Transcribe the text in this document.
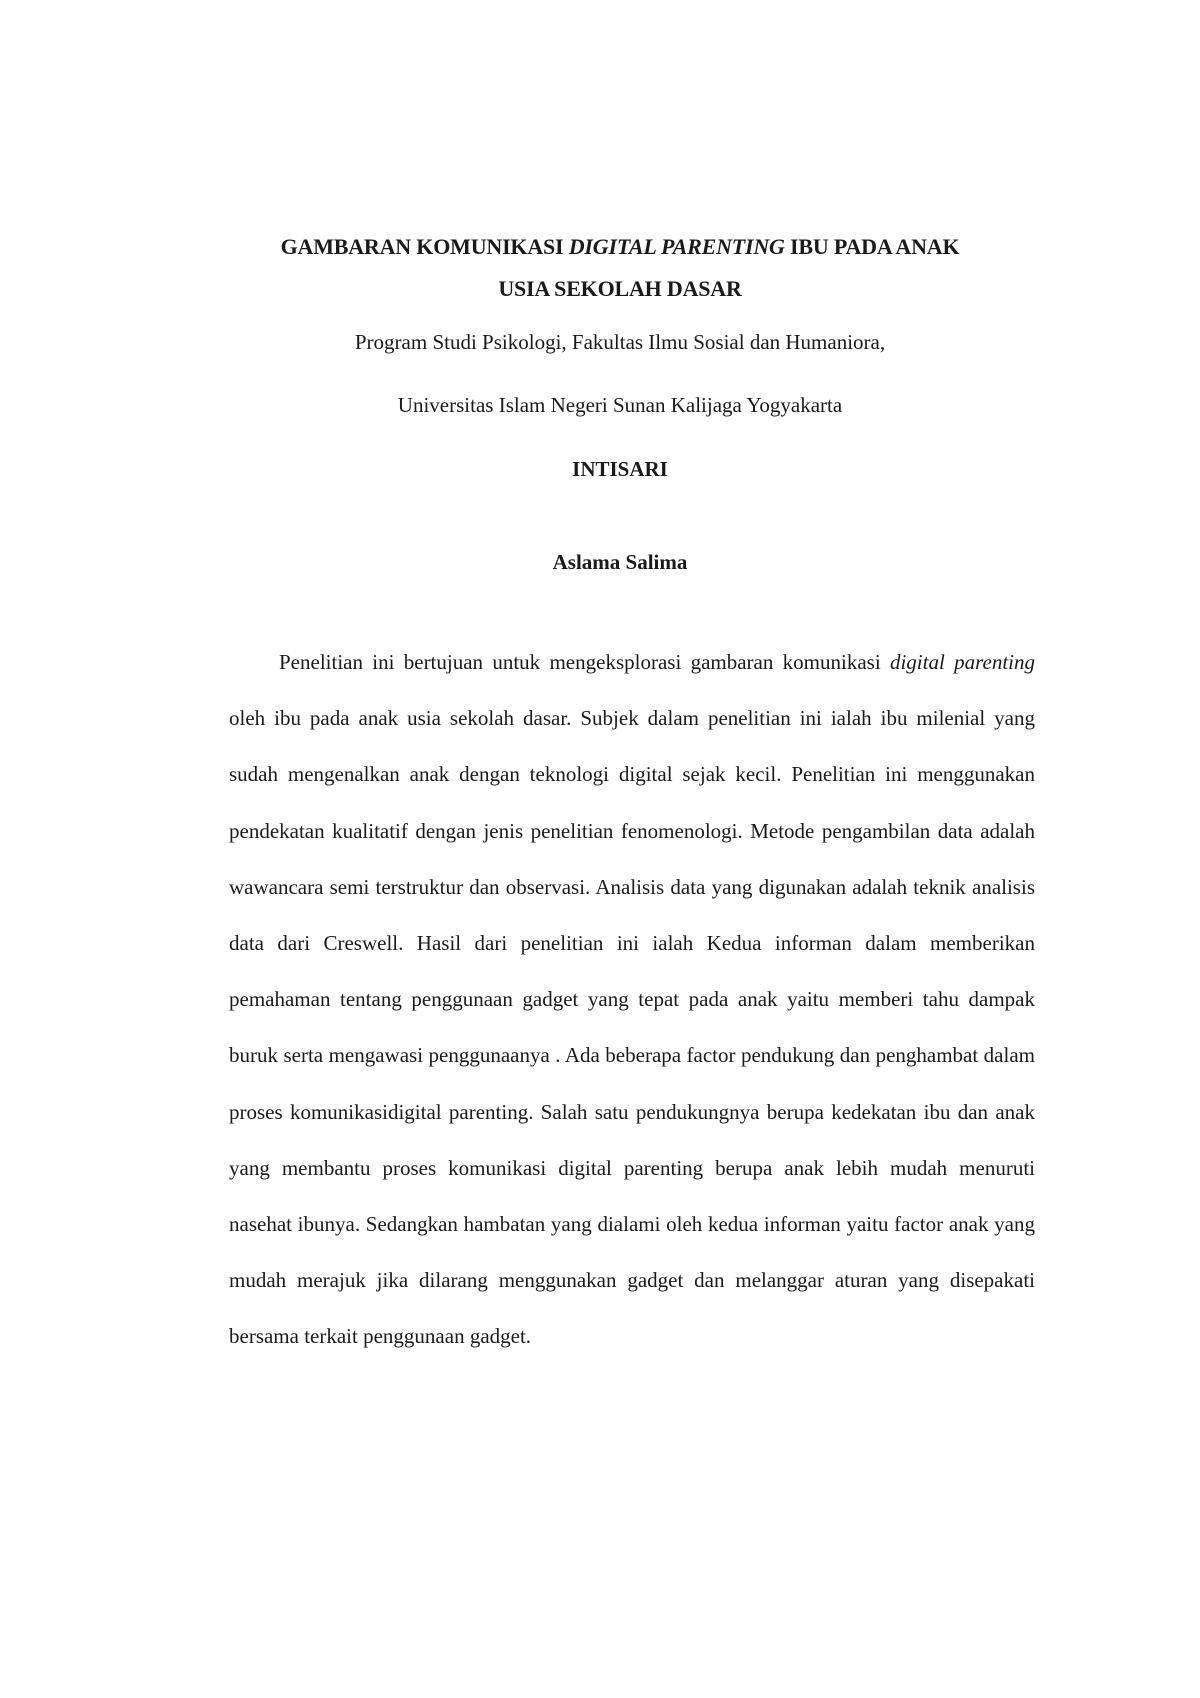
GAMBARAN KOMUNIKASI DIGITAL PARENTING IBU PADA ANAK
USIA SEKOLAH DASAR
Program Studi Psikologi, Fakultas Ilmu Sosial dan Humaniora,
Universitas Islam Negeri Sunan Kalijaga Yogyakarta
INTISARI
Aslama Salima

Penelitian ini bertujuan untuk mengeksplorasi gambaran komunikasi digital parenting oleh ibu pada anak usia sekolah dasar. Subjek dalam penelitian ini ialah ibu milenial yang sudah mengenalkan anak dengan teknologi digital sejak kecil. Penelitian ini menggunakan pendekatan kualitatif dengan jenis penelitian fenomenologi. Metode pengambilan data adalah wawancara semi terstruktur dan observasi. Analisis data yang digunakan adalah teknik analisis data dari Creswell. Hasil dari penelitian ini ialah Kedua informan dalam memberikan pemahaman tentang penggunaan gadget yang tepat pada anak yaitu memberi tahu dampak buruk serta mengawasi penggunaanya . Ada beberapa factor pendukung dan penghambat dalam proses komunikasidigital parenting. Salah satu pendukungnya berupa kedekatan ibu dan anak yang membantu proses komunikasi digital parenting berupa anak lebih mudah menuruti nasehat ibunya. Sedangkan hambatan yang dialami oleh kedua informan yaitu factor anak yang mudah merajuk jika dilarang menggunakan gadget dan melanggar aturan yang disepakati bersama terkait penggunaan gadget.
